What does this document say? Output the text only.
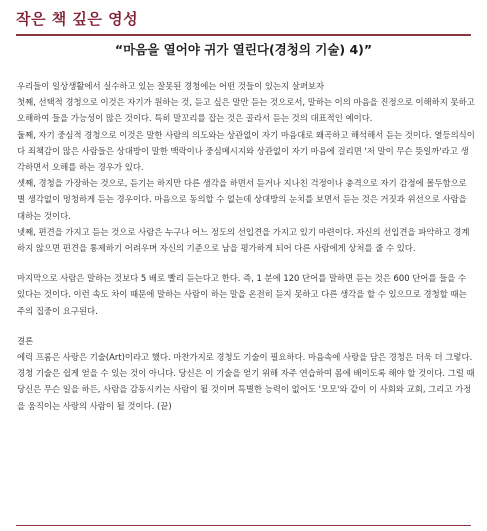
작은 책 깊은 영성
“마음을 열어야 귀가 열린다(경청의 기술) 4)”

우리들이 일상생활에서 실수하고 있는 잘못된 경청에는 어떤 것들이 있는지 살펴보자

첫째, 선택적 경청으로 이것은 자기가 원하는 것, 듣고 싶은 말만 듣는 것으로서, 말하는 이의 마음을 진정으로 이해하지 못하고 오해하여 들을 가능성이 많은 것이다. 특히 말꼬리를 잡는 것은 골라서 듣는 것의 대표적인 예이다.

둘째, 자기 중심적 경청으로 이것은 말한 사람의 의도와는 상관없이 자기 마음대로 왜곡하고 해석해서 듣는 것이다. 열등의식이다 죄책감이 많은 사람들은 상대방이 말한 맥락이나 중심메시지와 상관없이 자기 마음에 걸리면 '저 말이 무슨 뜻일까'라고 생각하면서 오해를 하는 경우가 있다.

셋째, 경청을 가장하는 것으로, 듣기는 하지만 다른 생각을 하면서 듣거나 지나친 걱정이나 충격으로 자기 감정에 몰두함으로 별 생각없이 멍청하게 듣는 경우이다. 마음으로 동의할 수 없는데 상대방의 눈치를 보면서 듣는 것은 거짓과 위선으로 사람을 대하는 것이다.

넷째, 편견을 가지고 듣는 것으로 사람은 누구나 어느 정도의 선입견을 가지고 있기 마련이다. 자신의 선입견을 파악하고 경계하지 않으면 편견을 통제하기 어려우며 자신의 기준으로 남을 평가하게 되어 다른 사람에게 상처를 줄 수 있다.

마지막으로 사람은 말하는 것보다 5 배로 빨리 듣는다고 한다. 즉, 1 분에 120 단어를 말하면 듣는 것은 600 단어를 들을 수 있다는 것이다. 이런 속도 차이 때문에 말하는 사람이 하는 말을 온전히 듣지 못하고 다른 생각을 할 수 있으므로 경청할 때는 주의 집중이 요구된다.

결론

에릭 프롬은 사랑은 기술(Art)이라고 했다. 마찬가지로 경청도 기술이 필요하다. 마음속에 사랑을 담은 경청은 더욱 더 그렇다. 경청 기술은 쉽게 얻을 수 있는 것이 아니다. 당신은 이 기술을 얻기 위해 자주 연습하여 몸에 배이도록 해야 할 것이다. 그럴 때 당신은 무슨 일을 하든, 사람을 감동시키는 사람이 될 것이며 특별한 능력이 없어도 '모모'와 같이 이 사회와 교회, 그리고 가정을 움직이는 사랑의 사람이 될 것이다. (끝)
